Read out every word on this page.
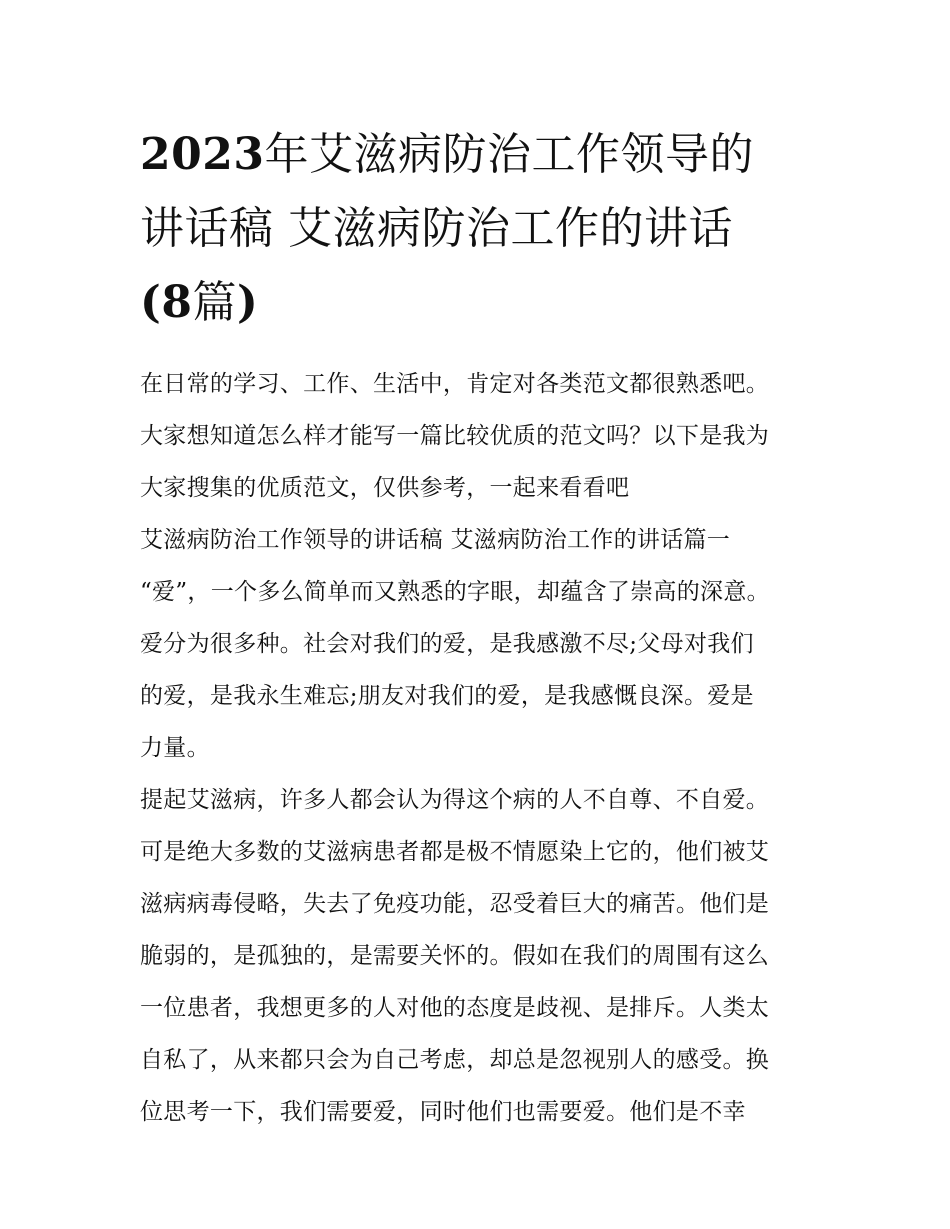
2023年艾滋病防治工作领导的
讲话稿 艾滋病防治工作的讲话
(8篇)
在日常的学习、工作、生活中，肯定对各类范文都很熟悉吧。
大家想知道怎么样才能写一篇比较优质的范文吗？以下是我为
大家搜集的优质范文，仅供参考，一起来看看吧
艾滋病防治工作领导的讲话稿 艾滋病防治工作的讲话篇一
“爱”，一个多么简单而又熟悉的字眼，却蕴含了崇高的深意。
爱分为很多种。社会对我们的爱，是我感激不尽;父母对我们
的爱，是我永生难忘;朋友对我们的爱，是我感慨良深。爱是
力量。
提起艾滋病，许多人都会认为得这个病的人不自尊、不自爱。
可是绝大多数的艾滋病患者都是极不情愿染上它的，他们被艾
滋病病毒侵略，失去了免疫功能，忍受着巨大的痛苦。他们是
脆弱的，是孤独的，是需要关怀的。假如在我们的周围有这么
一位患者，我想更多的人对他的态度是歧视、是排斥。人类太
自私了，从来都只会为自己考虑，却总是忽视别人的感受。换
位思考一下，我们需要爱，同时他们也需要爱。他们是不幸
